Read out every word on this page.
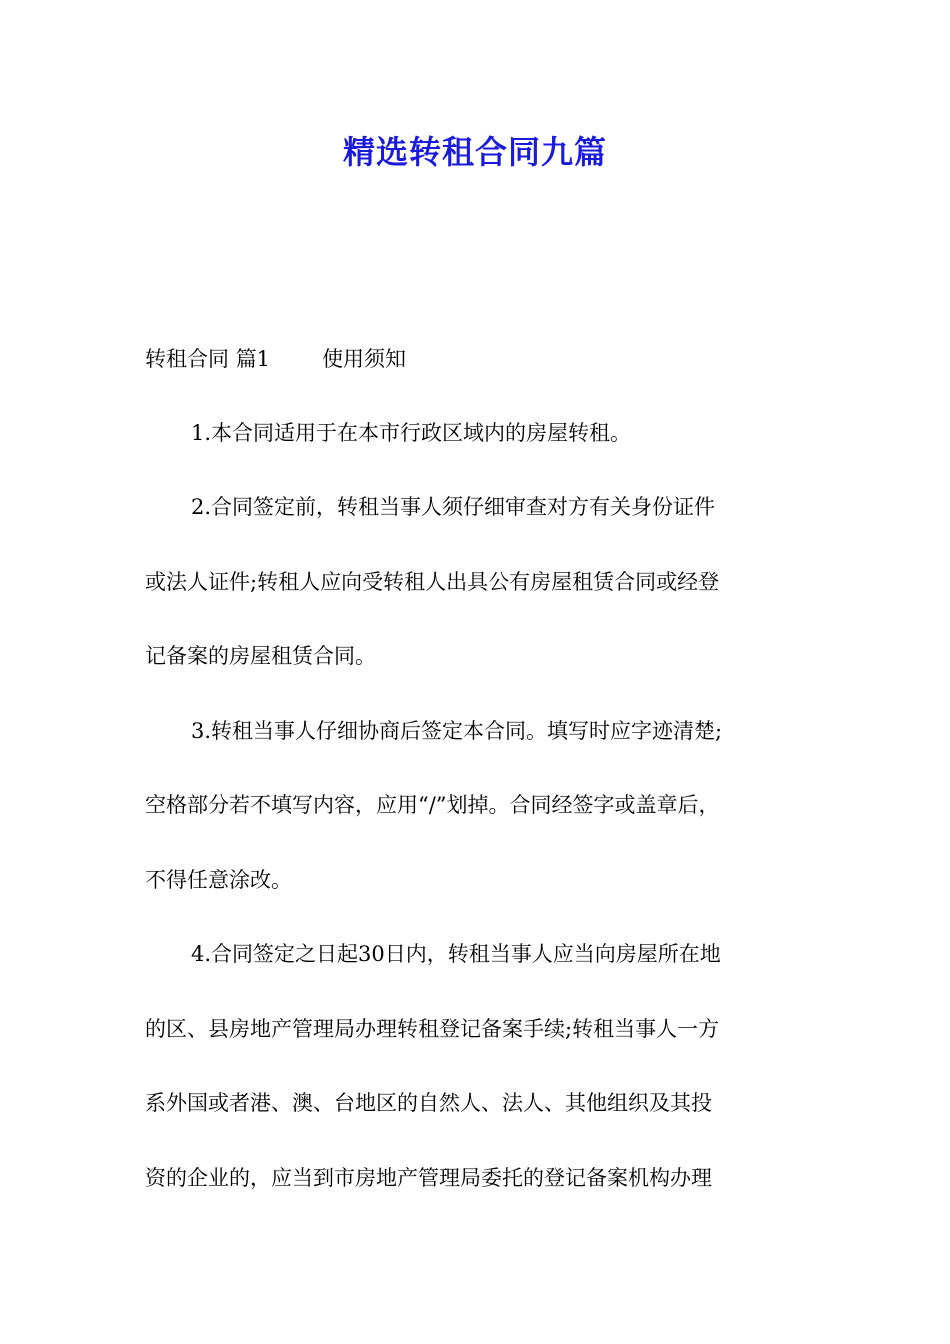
精选转租合同九篇
转租合同 篇1 使用须知
1.本合同适用于在本市行政区域内的房屋转租。
2.合同签定前，转租当事人须仔细审查对方有关身份证件
或法人证件;转租人应向受转租人出具公有房屋租赁合同或经登
记备案的房屋租赁合同。
3.转租当事人仔细协商后签定本合同。填写时应字迹清楚;
空格部分若不填写内容，应用“/”划掉。合同经签字或盖章后，
不得任意涂改。
4.合同签定之日起30日内，转租当事人应当向房屋所在地
的区、县房地产管理局办理转租登记备案手续;转租当事人一方
系外国或者港、澳、台地区的自然人、法人、其他组织及其投
资的企业的，应当到市房地产管理局委托的登记备案机构办理
